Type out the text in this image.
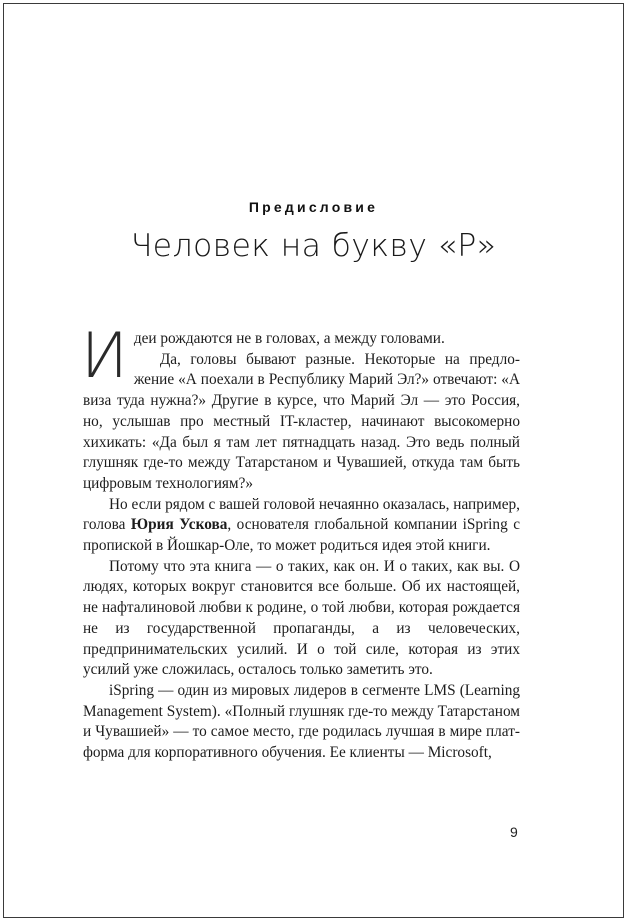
Предисловие
Человек на букву «Р»

Идеи рождаются не в головах, а между головами.

Да, головы бывают разные. Некоторые на предложение «А поехали в Республику Марий Эл?» отвечают: «А виза туда нужна?» Другие в курсе, что Марий Эл — это Россия, но, услышав про местный IT-кластер, начинают высокомерно хихикать: «Да был я там лет пятнадцать назад. Это ведь полный глушняк где-то между Татарстаном и Чувашией, откуда там быть цифровым технологиям?»

Но если рядом с вашей головой нечаянно оказалась, например, голова Юрия Ускова, основателя глобальной компании iSpring с пропиской в Йошкар-Оле, то может родиться идея этой книги.

Потому что эта книга — о таких, как он. И о таких, как вы. О людях, которых вокруг становится все больше. Об их настоящей, не нафталиновой любви к родине, о той любви, которая рождается не из государственной пропаганды, а из человеческих, предпринимательских усилий. И о той силе, которая из этих усилий уже сложилась, осталось только заметить это.

iSpring — один из мировых лидеров в сегменте LMS (Learning Management System). «Полный глушняк где-то между Татарстаном и Чувашией» — то самое место, где родилась лучшая в мире платформа для корпоративного обучения. Ее клиенты — Microsoft,

9
